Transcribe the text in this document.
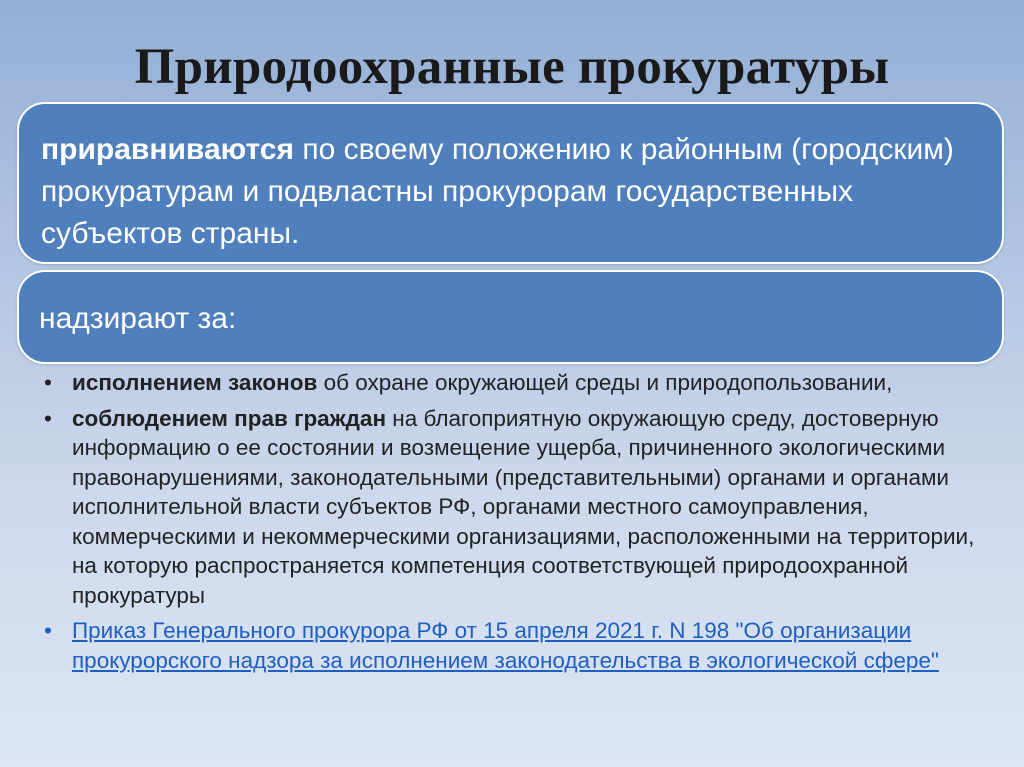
Природоохранные прокуратуры
приравниваются по своему положению к районным (городским) прокуратурам и подвластны прокурорам государственных субъектов страны.
надзирают за:
• исполнением законов об охране окружающей среды и природопользовании,
• соблюдением прав граждан на благоприятную окружающую среду, достоверную информацию о ее состоянии и возмещение ущерба, причиненного экологическими правонарушениями, законодательными (представительными) органами и органами исполнительной власти субъектов РФ, органами местного самоуправления, коммерческими и некоммерческими организациями, расположенными на территории, на которую распространяется компетенция соответствующей природоохранной прокуратуры
• Приказ Генерального прокурора РФ от 15 апреля 2021 г. N 198 "Об организации прокурорского надзора за исполнением законодательства в экологической сфере"
